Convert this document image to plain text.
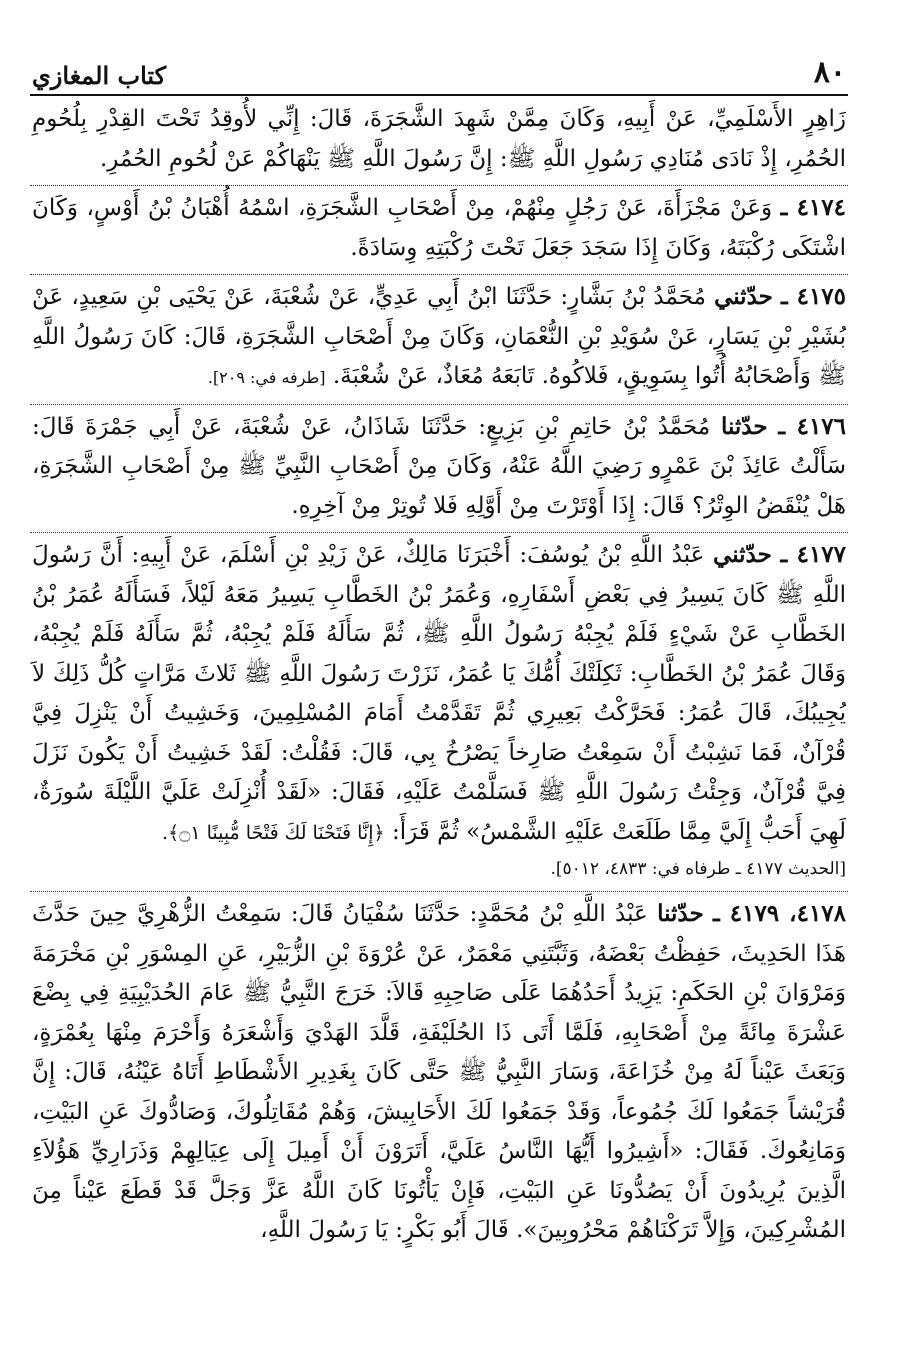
٨٠
كتاب المغازي

زَاهِرٍ الأَسْلَمِيِّ، عَنْ أَبِيهِ، وَكَانَ مِمَّنْ شَهِدَ الشَّجَرَةَ، قَالَ: إِنِّي لأُوقِدُ تَحْتَ القِدْرِ بِلُحُومِ الحُمُرِ، إِذْ نَادَى مُنَادِي رَسُولِ اللَّهِ ﷺ: إِنَّ رَسُولَ اللَّهِ ﷺ يَنْهَاكُمْ عَنْ لُحُومِ الحُمُرِ.

٤١٧٤ ـ وَعَنْ مَجْزَأَةَ، عَنْ رَجُلٍ مِنْهُمْ، مِنْ أَصْحَابِ الشَّجَرَةِ، اسْمُهُ أُهْبَانُ بْنُ أَوْسٍ، وَكَانَ اشْتَكَى رُكْبَتَهُ، وَكَانَ إِذَا سَجَدَ جَعَلَ تَحْتَ رُكْبَتِهِ وِسَادَةً.

٤١٧٥ ـ حدّثني مُحَمَّدُ بْنُ بَشَّارٍ: حَدَّثَنَا ابْنُ أَبِي عَدِيٍّ، عَنْ شُعْبَةَ، عَنْ يَحْيَى بْنِ سَعِيدٍ، عَنْ بُشَيْرِ بْنِ يَسَارٍ، عَنْ سُوَيْدِ بْنِ النُّعْمَانِ، وَكَانَ مِنْ أَصْحَابِ الشَّجَرَةِ، قَالَ: كَانَ رَسُولُ اللَّهِ ﷺ وَأَصْحَابُهُ أُتُوا بِسَوِيقٍ، فَلاكُوهُ. تَابَعَهُ مُعَاذٌ، عَنْ شُعْبَةَ. [طرفه في: ٢٠٩].

٤١٧٦ ـ حدّثنا مُحَمَّدُ بْنُ حَاتِمِ بْنِ بَزِيعٍ: حَدَّثَنَا شَاذَانُ، عَنْ شُعْبَةَ، عَنْ أَبِي جَمْرَةَ قَالَ: سَأَلْتُ عَائِذَ بْنَ عَمْرٍو رَضِيَ اللَّهُ عَنْهُ، وَكَانَ مِنْ أَصْحَابِ النَّبِيِّ ﷺ مِنْ أَصْحَابِ الشَّجَرَةِ، هَلْ يُنْقَضُ الوِتْرُ؟ قَالَ: إِذَا أَوْتَرْتَ مِنْ أَوَّلِهِ فَلا تُوتِرْ مِنْ آخِرِهِ.

٤١٧٧ ـ حدّثني عَبْدُ اللَّهِ بْنُ يُوسُفَ: أَخْبَرَنَا مَالِكٌ، عَنْ زَيْدِ بْنِ أَسْلَمَ، عَنْ أَبِيهِ: أَنَّ رَسُولَ اللَّهِ ﷺ كَانَ يَسِيرُ فِي بَعْضِ أَسْفَارِهِ، وَعُمَرُ بْنُ الخَطَّابِ يَسِيرُ مَعَهُ لَيْلاً، فَسَأَلَهُ عُمَرُ بْنُ الخَطَّابِ عَنْ شَيْءٍ فَلَمْ يُجِبْهُ رَسُولُ اللَّهِ ﷺ، ثُمَّ سَأَلَهُ فَلَمْ يُجِبْهُ، ثُمَّ سَأَلَهُ فَلَمْ يُجِبْهُ، وَقَالَ عُمَرُ بْنُ الخَطَّابِ: ثَكِلَتْكَ أُمُّكَ يَا عُمَرُ، نَزَرْتَ رَسُولَ اللَّهِ ﷺ ثَلاثَ مَرَّاتٍ كُلُّ ذَلِكَ لاَ يُجِيبُكَ، قَالَ عُمَرُ: فَحَرَّكْتُ بَعِيرِي ثُمَّ تَقَدَّمْتُ أَمَامَ المُسْلِمِينَ، وَخَشِيتُ أَنْ يَنْزِلَ فِيَّ قُرْآنٌ، فَمَا نَشِبْتُ أَنْ سَمِعْتُ صَارِخاً يَصْرُخُ بِي، قَالَ: فَقُلْتُ: لَقَدْ خَشِيتُ أَنْ يَكُونَ نَزَلَ فِيَّ قُرْآنٌ، وَجِئْتُ رَسُولَ اللَّهِ ﷺ فَسَلَّمْتُ عَلَيْهِ، فَقَالَ: «لَقَدْ أُنْزِلَتْ عَلَيَّ اللَّيْلَةَ سُورَةٌ، لَهِيَ أَحَبُّ إِلَيَّ مِمَّا طَلَعَتْ عَلَيْهِ الشَّمْسُ» ثُمَّ قَرَأَ: ﴿إِنَّا فَتَحْنَا لَكَ فَتْحًا مُّبِينًا ۝١﴾.

[الحديث ٤١٧٧ ـ طرفاه في: ٤٨٣٣، ٥٠١٢].

٤١٧٨، ٤١٧٩ ـ حدّثنا عَبْدُ اللَّهِ بْنُ مُحَمَّدٍ: حَدَّثَنَا سُفْيَانُ قَالَ: سَمِعْتُ الزُّهْرِيَّ حِينَ حَدَّثَ هَذَا الحَدِيثَ، حَفِظْتُ بَعْضَهُ، وَثَبَّتَنِي مَعْمَرٌ، عَنْ عُرْوَةَ بْنِ الزُّبَيْرِ، عَنِ المِسْوَرِ بْنِ مَخْرَمَةَ وَمَرْوَانَ بْنِ الحَكَمِ: يَزِيدُ أَحَدُهُمَا عَلَى صَاحِبِهِ قَالاَ: خَرَجَ النَّبِيُّ ﷺ عَامَ الحُدَيْبِيَةِ فِي بِضْعَ عَشْرَةَ مِائَةً مِنْ أَصْحَابِهِ، فَلَمَّا أَتَى ذَا الحُلَيْفَةِ، قَلَّدَ الهَدْيَ وَأَشْعَرَهُ وَأَحْرَمَ مِنْهَا بِعُمْرَةٍ، وَبَعَثَ عَيْناً لَهُ مِنْ خُزَاعَةَ، وَسَارَ النَّبِيُّ ﷺ حَتَّى كَانَ بِغَدِيرِ الأَشْطَاطِ أَتَاهُ عَيْنُهُ، قَالَ: إِنَّ قُرَيْشاً جَمَعُوا لَكَ جُمُوعاً، وَقَدْ جَمَعُوا لَكَ الأَحَابِيشَ، وَهُمْ مُقَاتِلُوكَ، وَصَادُّوكَ عَنِ البَيْتِ، وَمَانِعُوكَ. فَقَالَ: «أَشِيرُوا أَيُّهَا النَّاسُ عَلَيَّ، أَتَرَوْنَ أَنْ أَمِيلَ إِلَى عِيَالِهِمْ وَذَرَارِيِّ هَؤُلاَءِ الَّذِينَ يُرِيدُونَ أَنْ يَصُدُّونَا عَنِ البَيْتِ، فَإِنْ يَأْتُونَا كَانَ اللَّهُ عَزَّ وَجَلَّ قَدْ قَطَعَ عَيْناً مِنَ المُشْرِكِينَ، وَإِلاَّ تَرَكْنَاهُمْ مَحْرُوبِينَ». قَالَ أَبُو بَكْرٍ: يَا رَسُولَ اللَّهِ،
